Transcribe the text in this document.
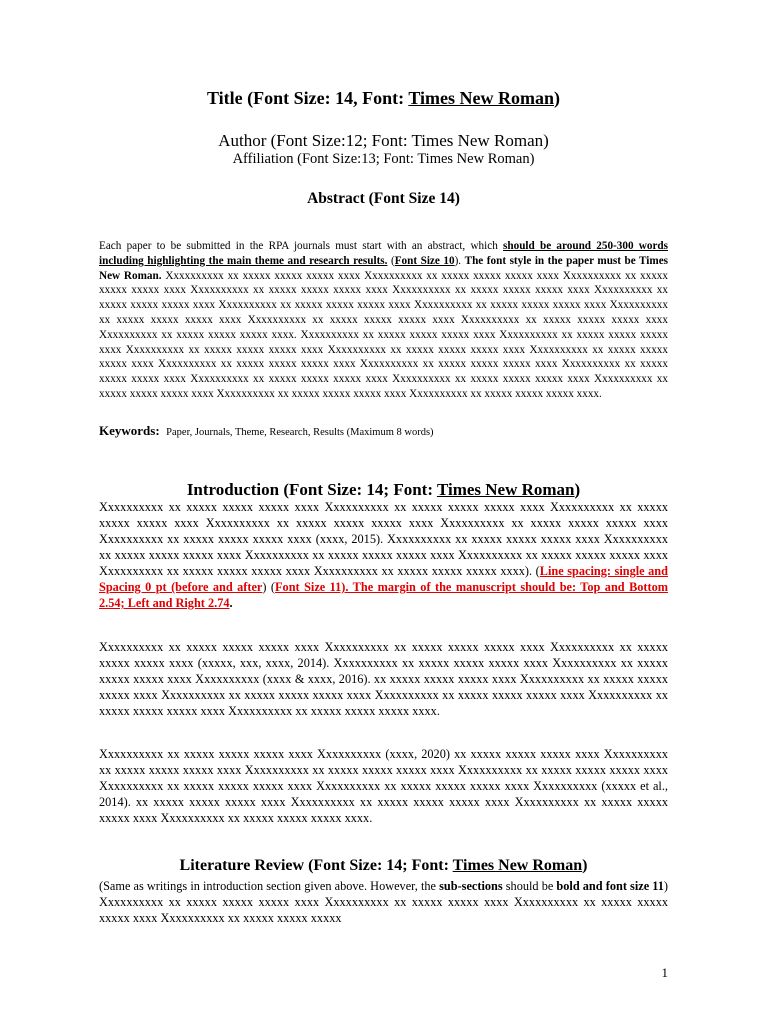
Title (Font Size: 14, Font: Times New Roman)
Author (Font Size:12; Font: Times New Roman)
Affiliation (Font Size:13; Font: Times New Roman)
Abstract (Font Size 14)
Each paper to be submitted in the RPA journals must start with an abstract, which should be around 250-300 words including highlighting the main theme and research results. (Font Size 10). The font style in the paper must be Times New Roman. Xxxxxxxxxx xx xxxxx xxxxx xxxxx xxxx Xxxxxxxxxx xx xxxxx xxxxx xxxxx xxxx Xxxxxxxxxx xx xxxxx xxxxx xxxxx xxxx Xxxxxxxxxx xx xxxxx xxxxx xxxxx xxxx Xxxxxxxxxx xx xxxxx xxxxx xxxxx xxxx Xxxxxxxxxx xx xxxxx xxxxx xxxxx xxxx Xxxxxxxxxx xx xxxxx xxxxx xxxxx xxxx Xxxxxxxxxx xx xxxxx xxxxx xxxxx xxxx Xxxxxxxxxx xx xxxxx xxxxx xxxxx xxxx Xxxxxxxxxx xx xxxxx xxxxx xxxxx xxxx Xxxxxxxxxx xx xxxxx xxxxx xxxxx xxxx Xxxxxxxxxx xx xxxxx xxxxx xxxxx xxxx. Xxxxxxxxxx xx xxxxx xxxxx xxxxx xxxx Xxxxxxxxxx xx xxxxx xxxxx xxxxx xxxx Xxxxxxxxxx xx xxxxx xxxxx xxxxx xxxx Xxxxxxxxxx xx xxxxx xxxxx xxxxx xxxx Xxxxxxxxxx xx xxxxx xxxxx xxxxx xxxx Xxxxxxxxxx xx xxxxx xxxxx xxxxx xxxx Xxxxxxxxxx xx xxxxx xxxxx xxxxx xxxx Xxxxxxxxxx xx xxxxx xxxxx xxxxx xxxx Xxxxxxxxxx xx xxxxx xxxxx xxxxx xxxx Xxxxxxxxxx xx xxxxx xxxxx xxxxx xxxx Xxxxxxxxxx xx xxxxx xxxxx xxxxx xxxx Xxxxxxxxxx xx xxxxx xxxxx xxxxx xxxx Xxxxxxxxxx xx xxxxx xxxxx xxxxx xxxx.
Keywords: Paper, Journals, Theme, Research, Results (Maximum 8 words)
Introduction (Font Size: 14; Font: Times New Roman)
Xxxxxxxxxx xx xxxxx xxxxx xxxxx xxxx Xxxxxxxxxx xx xxxxx xxxxx xxxxx xxxx Xxxxxxxxxx xx xxxxx xxxxx xxxxx xxxx Xxxxxxxxxx xx xxxxx xxxxx xxxxx xxxx Xxxxxxxxxx xx xxxxx xxxxx xxxxx xxxx Xxxxxxxxxx xx xxxxx xxxxx xxxxx xxxx (xxxx, 2015). Xxxxxxxxxx xx xxxxx xxxxx xxxxx xxxx Xxxxxxxxxx xx xxxxx xxxxx xxxxx xxxx Xxxxxxxxxx xx xxxxx xxxxx xxxxx xxxx Xxxxxxxxxx xx xxxxx xxxxx xxxxx xxxx Xxxxxxxxxx xx xxxxx xxxxx xxxxx xxxx Xxxxxxxxxx xx xxxxx xxxxx xxxxx xxxx). (Line spacing: single and Spacing 0 pt (before and after) (Font Size 11). The margin of the manuscript should be: Top and Bottom 2.54; Left and Right 2.74.
Xxxxxxxxxx xx xxxxx xxxxx xxxxx xxxx Xxxxxxxxxx xx xxxxx xxxxx xxxxx xxxx Xxxxxxxxxx xx xxxxx xxxxx xxxxx xxxx (xxxxx, xxx, xxxx, 2014). Xxxxxxxxxx xx xxxxx xxxxx xxxxx xxxx Xxxxxxxxxx xx xxxxx xxxxx xxxxx xxxx Xxxxxxxxxx (xxxx & xxxx, 2016). xx xxxxx xxxxx xxxxx xxxx Xxxxxxxxxx xx xxxxx xxxxx xxxxx xxxx Xxxxxxxxxx xx xxxxx xxxxx xxxxx xxxx Xxxxxxxxxx xx xxxxx xxxxx xxxxx xxxx Xxxxxxxxxx xx xxxxx xxxxx xxxxx xxxx Xxxxxxxxxx xx xxxxx xxxxx xxxxx xxxx.
Xxxxxxxxxx xx xxxxx xxxxx xxxxx xxxx Xxxxxxxxxx (xxxx, 2020) xx xxxxx xxxxx xxxxx xxxx Xxxxxxxxxx xx xxxxx xxxxx xxxxx xxxx Xxxxxxxxxx xx xxxxx xxxxx xxxxx xxxx Xxxxxxxxxx xx xxxxx xxxxx xxxxx xxxx Xxxxxxxxxx xx xxxxx xxxxx xxxxx xxxx Xxxxxxxxxx xx xxxxx xxxxx xxxxx xxxx Xxxxxxxxxx (xxxxx et al., 2014). xx xxxxx xxxxx xxxxx xxxx Xxxxxxxxxx xx xxxxx xxxxx xxxxx xxxx Xxxxxxxxxx xx xxxxx xxxxx xxxxx xxxx Xxxxxxxxxx xx xxxxx xxxxx xxxxx xxxx.
Literature Review (Font Size: 14; Font: Times New Roman)
(Same as writings in introduction section given above. However, the sub-sections should be bold and font size 11) Xxxxxxxxxx xx xxxxx xxxxx xxxxx xxxx Xxxxxxxxxx xx xxxxx xxxxx xxxx Xxxxxxxxxx xx xxxxx xxxxx xxxxx xxxx Xxxxxxxxxx xx xxxxx xxxxx xxxxx
1
